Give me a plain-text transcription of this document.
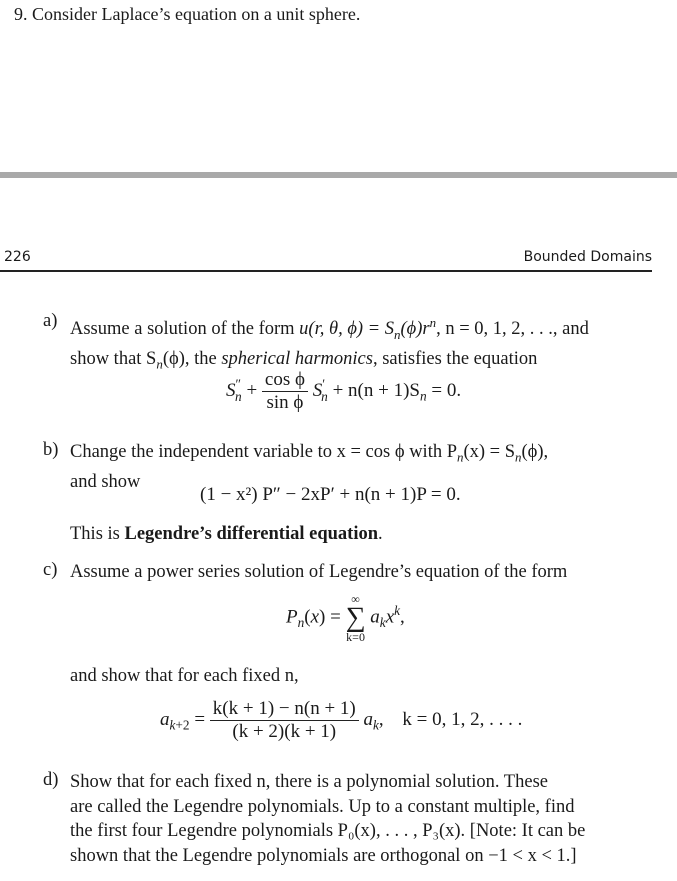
9. Consider Laplace’s equation on a unit sphere.
226	Bounded Domains
a) Assume a solution of the form u(r, θ, $\phi) = S_n(\phi)r^n$, n = 0, 1, 2, . . ., and
show that $S_n(\phi)$, the spherical harmonics, satisfies the equation
$S''_n + \frac{\text{cos ϕ}}{\text{sin ϕ}} S'_n + n(n + 1)S_n = 0$.
b) Change the independent variable to x = cos ϕ with $P_n(x) = S_n(\phi)$,
and show
(1 − x²) P″ − 2xP′ + n(n + 1)P = 0.
This is Legendre’s differential equation.
c) Assume a power series solution of Legendre’s equation of the form
$P_n(x)$ =
∞
∑
k=0
$a_kx^k$,
and show that for each fixed n,
$a_{k+2} = \frac{k(k + 1) - n(n + 1)}{(k + 2)(k + 1)} a_k$, k = 0, 1, 2, . . . .
d) Show that for each fixed n, there is a polynomial solution. These
are called the Legendre polynomials. Up to a constant multiple, find
the first four Legendre polynomials P₀(x), . . . , P₃(x). [Note: It can be
shown that the Legendre polynomials are orthogonal on −1 < x < 1.]
